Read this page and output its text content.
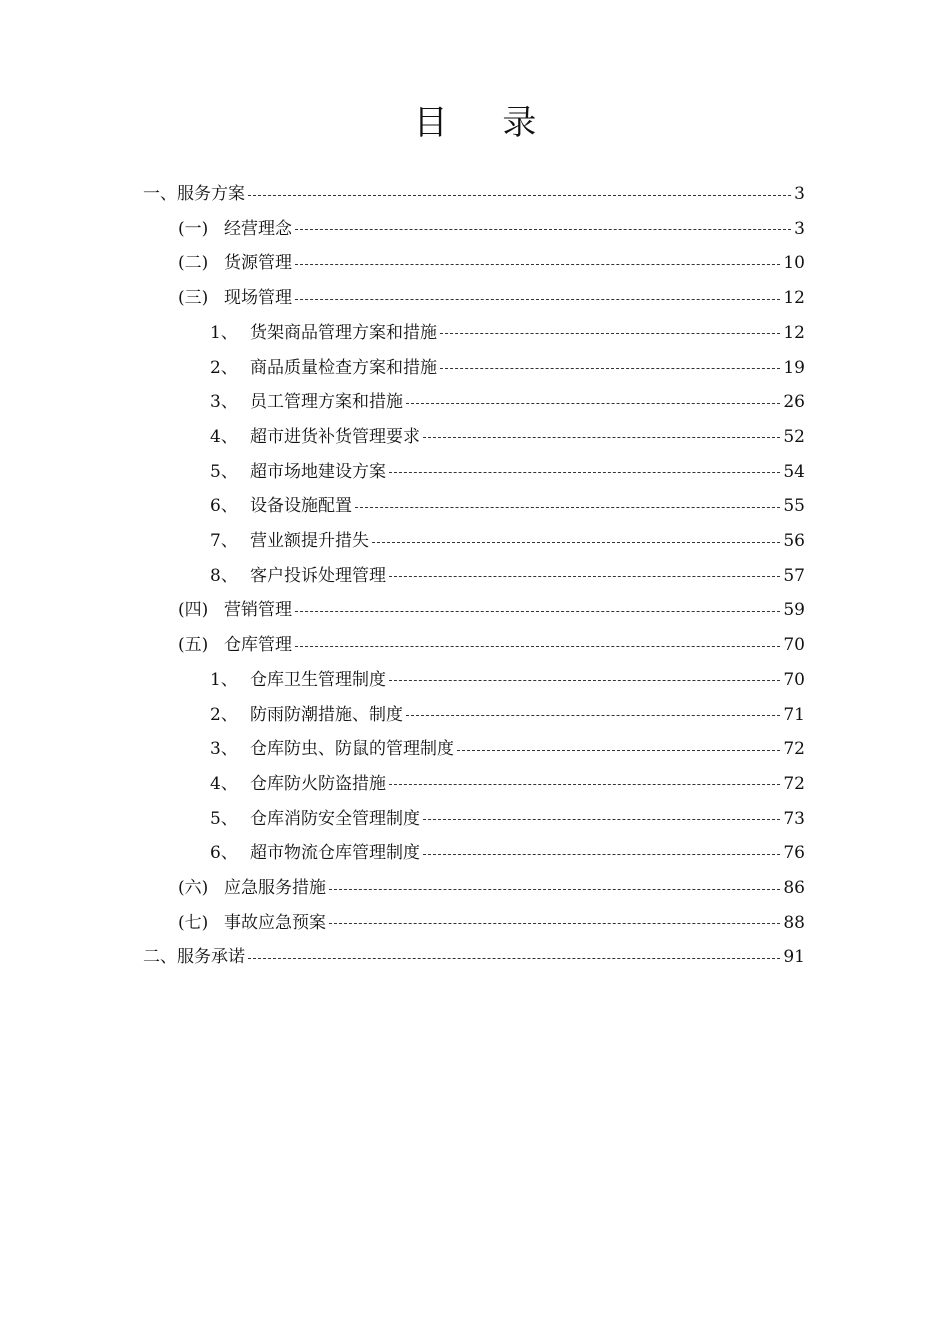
目 录
一、服务方案	3
(一) 经营理念	3
(二) 货源管理	10
(三) 现场管理	12
1、 货架商品管理方案和措施	12
2、 商品质量检查方案和措施	19
3、 员工管理方案和措施	26
4、 超市进货补货管理要求	52
5、 超市场地建设方案	54
6、 设备设施配置	55
7、 营业额提升措失	56
8、 客户投诉处理管理	57
(四) 营销管理	59
(五) 仓库管理	70
1、 仓库卫生管理制度	70
2、 防雨防潮措施、制度	71
3、 仓库防虫、防鼠的管理制度	72
4、 仓库防火防盗措施	72
5、 仓库消防安全管理制度	73
6、 超市物流仓库管理制度	76
(六) 应急服务措施	86
(七) 事故应急预案	88
二、服务承诺	91
